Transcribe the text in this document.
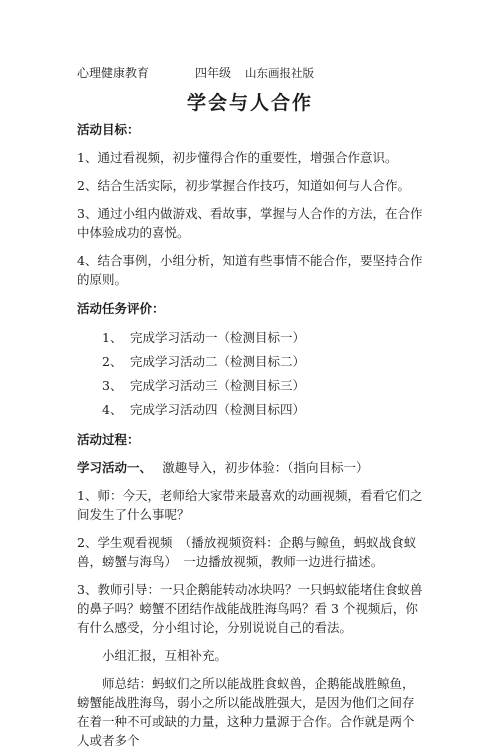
心理健康教育	四年级 山东画报社版
学会与人合作

活动目标：

1、通过看视频，初步懂得合作的重要性，增强合作意识。

2、结合生活实际，初步掌握合作技巧，知道如何与人合作。

3、通过小组内做游戏、看故事，掌握与人合作的方法，在合作中体验成功的喜悦。

4、结合事例，小组分析，知道有些事情不能合作，要坚持合作的原则。

活动任务评价：

1、 完成学习活动一（检测目标一）
2、 完成学习活动二（检测目标二）
3、 完成学习活动三（检测目标三）
4、 完成学习活动四（检测目标四）

活动过程：

学习活动一、　 激趣导入，初步体验：（指向目标一）

1、师：今天，老师给大家带来最喜欢的动画视频，看看它们之间发生了什么事呢？

2、学生观看视频　（播放视频资料：企鹅与鲸鱼，蚂蚁战食蚁兽，螃蟹与海鸟）　一边播放视频，教师一边进行描述。

3、教师引导：一只企鹅能转动冰块吗？一只蚂蚁能堵住食蚁兽的鼻子吗？螃蟹不团结作战能战胜海鸟吗？看 3 个视频后，你有什么感受，分小组讨论，分别说说自己的看法。

小组汇报，互相补充。

师总结：蚂蚁们之所以能战胜食蚁兽，企鹅能战胜鲸鱼，螃蟹能战胜海鸟，弱小之所以能战胜强大，是因为他们之间存在着一种不可或缺的力量，这种力量源于合作。合作就是两个人或者多个
